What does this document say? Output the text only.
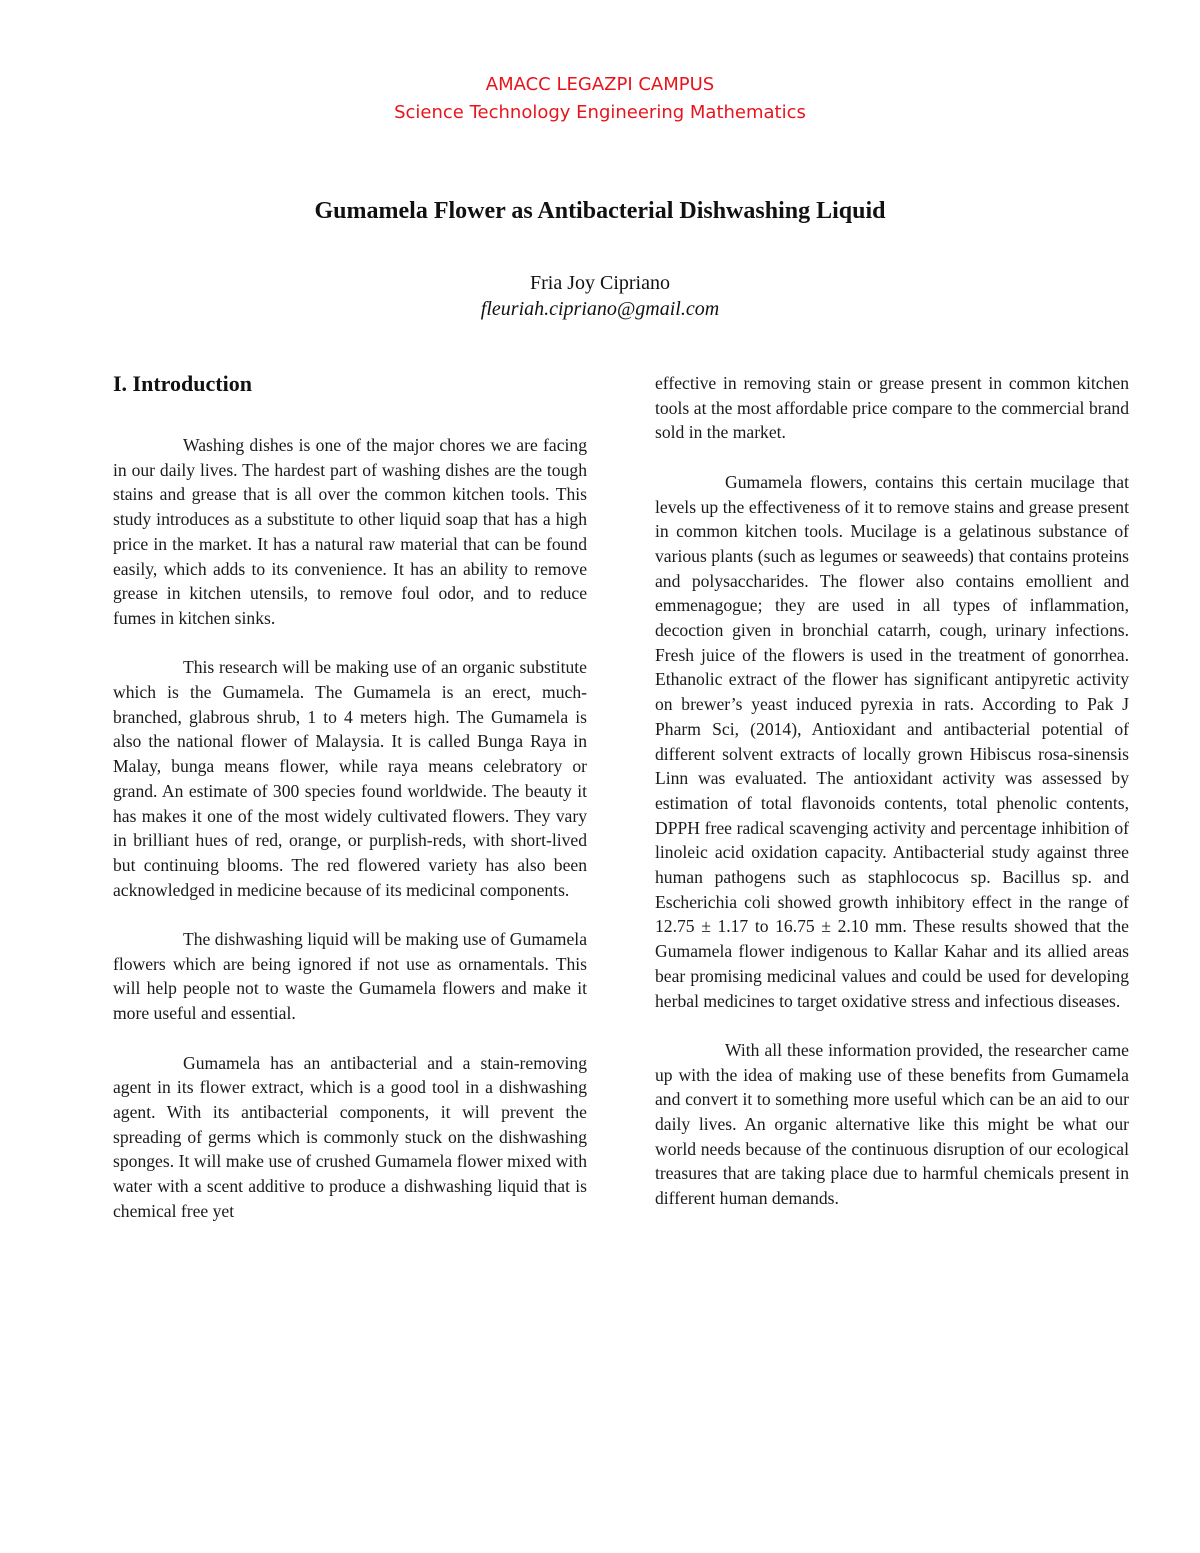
AMACC LEGAZPI CAMPUS
Science Technology Engineering Mathematics
Gumamela Flower as Antibacterial Dishwashing Liquid
Fria Joy Cipriano
fleuriah.cipriano@gmail.com
I. Introduction

Washing dishes is one of the major chores we are facing in our daily lives. The hardest part of washing dishes are the tough stains and grease that is all over the common kitchen tools. This study introduces as a substitute to other liquid soap that has a high price in the market. It has a natural raw material that can be found easily, which adds to its convenience. It has an ability to remove grease in kitchen utensils, to remove foul odor, and to reduce fumes in kitchen sinks.

This research will be making use of an organic substitute which is the Gumamela. The Gumamela is an erect, much-branched, glabrous shrub, 1 to 4 meters high. The Gumamela is also the national flower of Malaysia. It is called Bunga Raya in Malay, bunga means flower, while raya means celebratory or grand. An estimate of 300 species found worldwide. The beauty it has makes it one of the most widely cultivated flowers. They vary in brilliant hues of red, orange, or purplish-reds, with short-lived but continuing blooms. The red flowered variety has also been acknowledged in medicine because of its medicinal components.

The dishwashing liquid will be making use of Gumamela flowers which are being ignored if not use as ornamentals. This will help people not to waste the Gumamela flowers and make it more useful and essential.

Gumamela has an antibacterial and a stain-removing agent in its flower extract, which is a good tool in a dishwashing agent. With its antibacterial components, it will prevent the spreading of germs which is commonly stuck on the dishwashing sponges. It will make use of crushed Gumamela flower mixed with water with a scent additive to produce a dishwashing liquid that is chemical free yet

effective in removing stain or grease present in common kitchen tools at the most affordable price compare to the commercial brand sold in the market.

Gumamela flowers, contains this certain mucilage that levels up the effectiveness of it to remove stains and grease present in common kitchen tools. Mucilage is a gelatinous substance of various plants (such as legumes or seaweeds) that contains proteins and polysaccharides. The flower also contains emollient and emmenagogue; they are used in all types of inflammation, decoction given in bronchial catarrh, cough, urinary infections. Fresh juice of the flowers is used in the treatment of gonorrhea. Ethanolic extract of the flower has significant antipyretic activity on brewer’s yeast induced pyrexia in rats. According to Pak J Pharm Sci, (2014), Antioxidant and antibacterial potential of different solvent extracts of locally grown Hibiscus rosa-sinensis Linn was evaluated. The antioxidant activity was assessed by estimation of total flavonoids contents, total phenolic contents, DPPH free radical scavenging activity and percentage inhibition of linoleic acid oxidation capacity. Antibacterial study against three human pathogens such as staphlococus sp. Bacillus sp. and Escherichia coli showed growth inhibitory effect in the range of 12.75 ± 1.17 to 16.75 ± 2.10 mm. These results showed that the Gumamela flower indigenous to Kallar Kahar and its allied areas bear promising medicinal values and could be used for developing herbal medicines to target oxidative stress and infectious diseases.

With all these information provided, the researcher came up with the idea of making use of these benefits from Gumamela and convert it to something more useful which can be an aid to our daily lives. An organic alternative like this might be what our world needs because of the continuous disruption of our ecological treasures that are taking place due to harmful chemicals present in different human demands.
